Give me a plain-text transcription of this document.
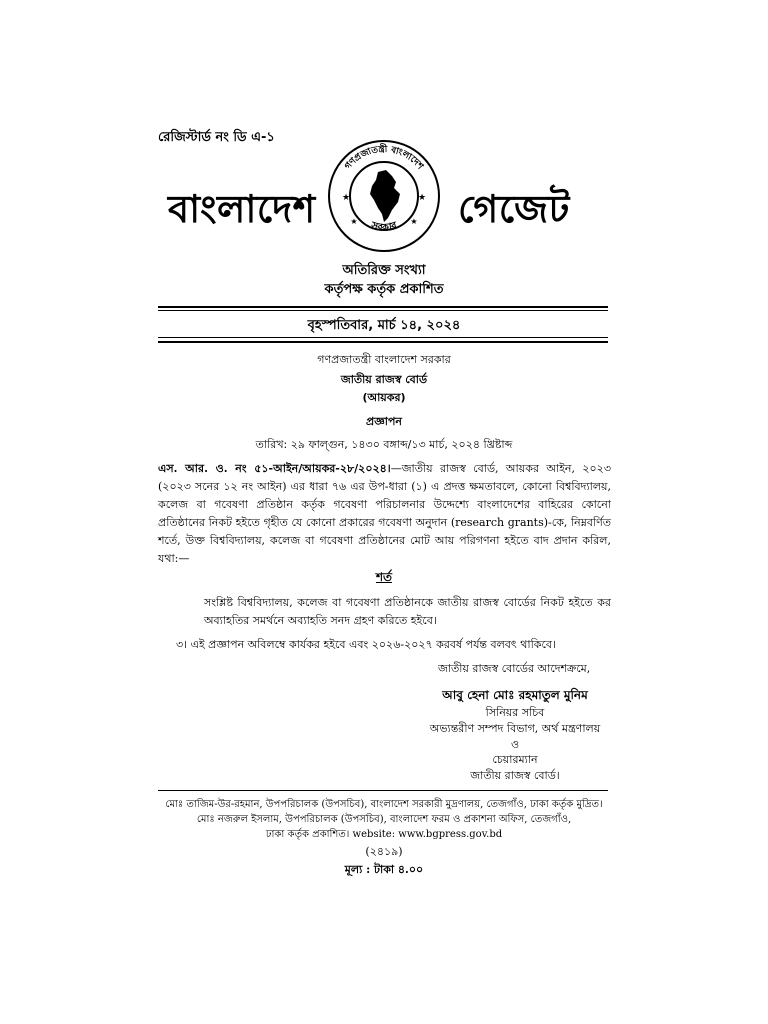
রেজিস্টার্ড নং ডি এ-১
বাংলাদেশ
গণপ্রজাতন্ত্রী বাংলাদেশ
সরকার
★	★
★	★ গেজেট
অতিরিক্ত সংখ্যা
কর্তৃপক্ষ কর্তৃক প্রকাশিত
বৃহস্পতিবার, মার্চ ১৪, ২০২৪
গণপ্রজাতন্ত্রী বাংলাদেশ সরকার
জাতীয় রাজস্ব বোর্ড
(আয়কর)
প্রজ্ঞাপন
তারিখ: ২৯ ফাল্গুন, ১৪৩০ বঙ্গাব্দ/১৩ মার্চ, ২০২৪ খ্রিষ্টাব্দ
এস. আর. ও. নং ৫১-আইন/আয়কর-২৮/২০২৪।—জাতীয় রাজস্ব বোর্ড, আয়কর আইন, ২০২৩ (২০২৩ সনের ১২ নং আইন) এর ধারা ৭৬ এর উপ-ধারা (১) এ প্রদত্ত ক্ষমতাবলে, কোনো বিশ্ববিদ্যালয়, কলেজ বা গবেষণা প্রতিষ্ঠান কর্তৃক গবেষণা পরিচালনার উদ্দেশ্যে বাংলাদেশের বাহিরের কোনো প্রতিষ্ঠানের নিকট হইতে গৃহীত যে কোনো প্রকারের গবেষণা অনুদান (research grants)-কে, নিম্নবর্ণিত শর্তে, উক্ত বিশ্ববিদ্যালয়, কলেজ বা গবেষণা প্রতিষ্ঠানের মোট আয় পরিগণনা হইতে বাদ প্রদান করিল, যথা:—
শর্ত
সংশ্লিষ্ট বিশ্ববিদ্যালয়, কলেজ বা গবেষণা প্রতিষ্ঠানকে জাতীয় রাজস্ব বোর্ডের নিকট হইতে কর অব্যাহতির সমর্থনে অব্যাহতি সনদ গ্রহণ করিতে হইবে।
৩। এই প্রজ্ঞাপন অবিলম্বে কার্যকর হইবে এবং ২০২৬-২০২৭ করবর্ষ পর্যন্ত বলবৎ থাকিবে।
জাতীয় রাজস্ব বোর্ডের আদেশক্রমে,
আবু হেনা মোঃ রহমাতুল মুনিম
সিনিয়র সচিব
অভ্যন্তরীণ সম্পদ বিভাগ, অর্থ মন্ত্রণালয়
ও
চেয়ারম্যান
জাতীয় রাজস্ব বোর্ড।
মোঃ তাজিম-উর-রহমান, উপপরিচালক (উপসচিব), বাংলাদেশ সরকারী মুদ্রণালয়, তেজগাঁও, ঢাকা কর্তৃক মুদ্রিত।
মোঃ নজরুল ইসলাম, উপপরিচালক (উপসচিব), বাংলাদেশ ফরম ও প্রকাশনা অফিস, তেজগাঁও,
ঢাকা কর্তৃক প্রকাশিত। website: www.bgpress.gov.bd
(২৪১৯)
মূল্য : টাকা ৪.০০
